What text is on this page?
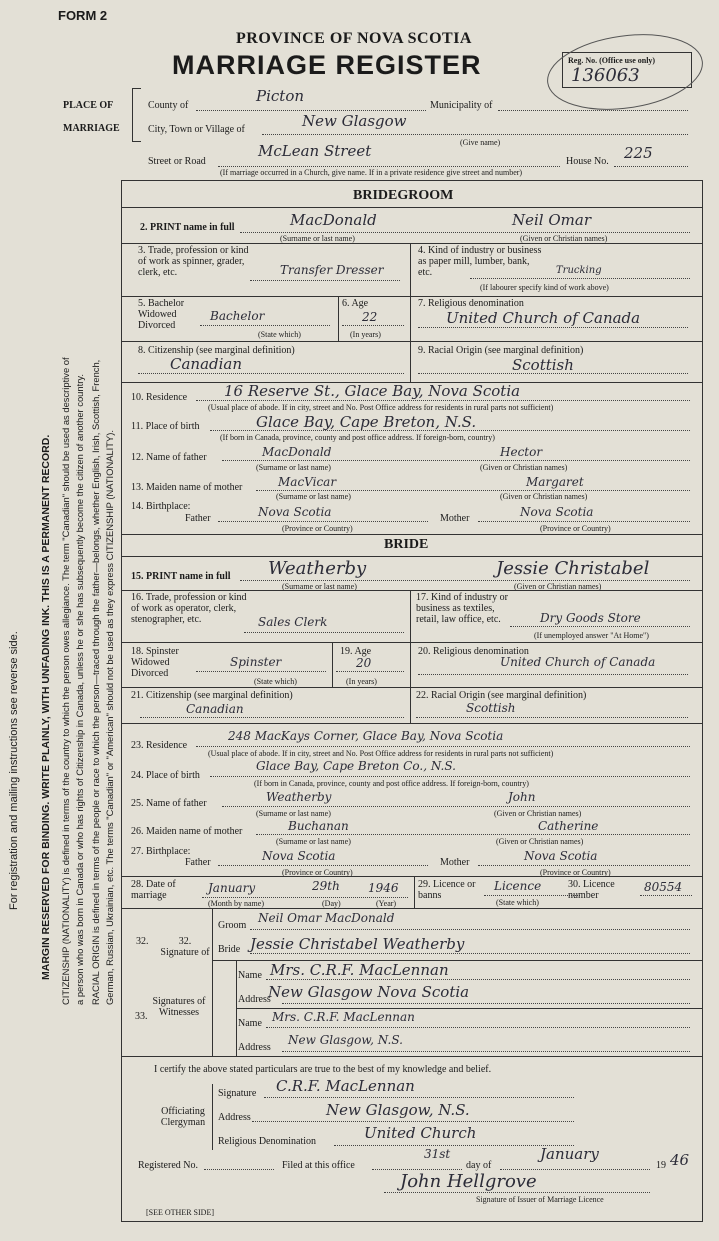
For registration and mailing instructions see reverse side. MARGIN RESERVED FOR BINDING. WRITE PLAINLY, WITH UNFADING INK. THIS IS A PERMANENT RECORD. CITIZENSHIP (NATIONALITY) is defined in terms of the country to which the person owes allegiance. The term "Canadian" should be used as descriptive of a person who was born in Canada or who has rights of Citizenship in Canada, unless he or she has subsequently become the citizen of another country. RACIAL ORIGIN is defined in terms of the people or race to which the person—traced through the father—belongs, whether English, Irish, Scottish, French, German, Russian, Ukrainian, etc. The terms "Canadian" or "American" should not be used as they express CITIZENSHIP (NATIONALITY).
FORM 2
PROVINCE OF NOVA SCOTIA
MARRIAGE REGISTER	Reg. No. (Office use only)
136063
PLACE OF
MARRIAGE
County of
Picton
Municipality of
City, Town or Village of	New Glasgow
(Give name)
Street or Road
McLean Street
House No. 225
(If marriage occurred in a Church, give name. If in a private residence give street and number)
BRIDEGROOM
2. PRINT name in full	MacDonald	Neil Omar
(Surname or last name)	(Given or Christian names)
3. Trade, profession or kind of work as spinner, grader, clerk, etc.	Transfer Dresser
4. Kind of industry or business as paper mill, lumber, bank, etc.	Trucking
(If labourer specify kind of work above)
5. Bachelor Widowed Divorced
Bachelor
(State which)
6. Age
22
(In years)
7. Religious denomination
United Church of Canada
8. Citizenship (see marginal definition)
Canadian
9. Racial Origin (see marginal definition)
Scottish
10. Residence 16 Reserve St., Glace Bay, Nova Scotia
(Usual place of abode. If in city, street and No. Post Office address for residents in rural parts not sufficient)
11. Place of birth	Glace Bay, Cape Breton, N.S.
(If born in Canada, province, county and post office address. If foreign-born, country)
12. Name of father	MacDonald	Hector
(Surname or last name)	(Given or Christian names)
13. Maiden name of mother	MacVicar	Margaret
(Surname or last name)	(Given or Christian names)
14. Birthplace:
Father	Nova Scotia	Mother	Nova Scotia
(Province or Country)	(Province or Country)
BRIDE
15. PRINT name in full Weatherby	Jessie Christabel
(Surname or last name)	(Given or Christian names)
16. Trade, profession or kind of work as operator, clerk, stenographer, etc.	Sales Clerk
17. Kind of industry or business as textiles, retail, law office, etc.	Dry Goods Store
(If unemployed answer "At Home")
18. Spinster Widowed Divorced
Spinster
(State which)
19. Age
20
(In years)
20. Religious denomination
United Church of Canada
21. Citizenship (see marginal definition)
Canadian
22. Racial Origin (see marginal definition)
Scottish
23. Residence
248 MacKays Corner, Glace Bay, Nova Scotia
(Usual place of abode. If in city, street and No. Post Office address for residents in rural parts not sufficient)
24. Place of birth
Glace Bay, Cape Breton Co., N.S.
(If born in Canada, province, county and post office address. If foreign-born, country)
25. Name of father	Weatherby	John
(Surname or last name)	(Given or Christian names)
26. Maiden name of mother	Buchanan	Catherine
(Surname or last name)	(Given or Christian names)
27. Birthplace:
Father	Nova Scotia	Mother	Nova Scotia
(Province or Country)	(Province or Country)
28. Date of marriage
January	29th 1946
(Month by name)	(Day)	(Year)
29. Licence or banns
Licence
(State which)
30. Licence number
80554
32.	32. Signature of
Groom
Neil Omar MacDonald
Bride Jessie Christabel Weatherby
33.
Signatures of Witnesses
Name Mrs. C.R.F. MacLennan
Address
New Glasgow Nova Scotia
Name Mrs. C.R.F. MacLennan
Address
New Glasgow, N.S.
I certify the above stated particulars are true to the best of my knowledge and belief.
Officiating Clergyman
Signature C.R.F. MacLennan
Address	New Glasgow, N.S.
Religious Denomination	United Church
Registered No.	Filed at this office
31st
day of
January
19 46
John Hellgrove
Signature of Issuer of Marriage Licence
[SEE OTHER SIDE]
